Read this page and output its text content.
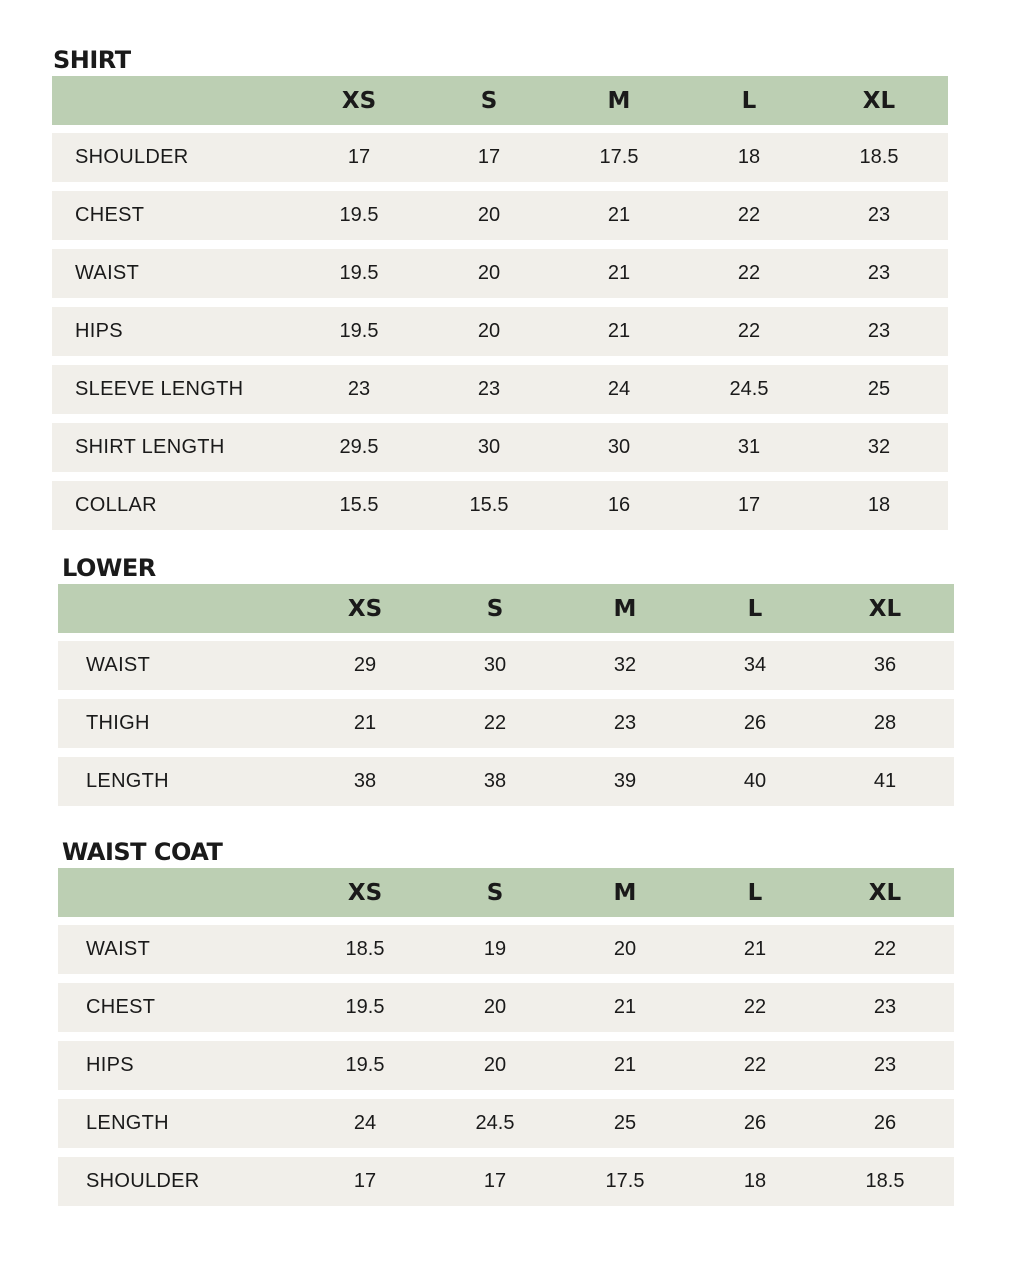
SHIRT
XS	S	M	L	XL
SHOULDER	17	17	17.5	18	18.5
CHEST	19.5	20	21	22	23
WAIST	19.5	20	21	22	23
HIPS	19.5	20	21	22	23
SLEEVE LENGTH	23	23	24	24.5	25
SHIRT LENGTH	29.5	30	30	31	32
COLLAR	15.5	15.5	16	17	18
LOWER
XS	S	M	L	XL
WAIST	29	30	32	34	36
THIGH	21	22	23	26	28
LENGTH	38	38	39	40	41
WAIST COAT
XS	S	M	L	XL
WAIST	18.5	19	20	21	22
CHEST	19.5	20	21	22	23
HIPS	19.5	20	21	22	23
LENGTH	24	24.5	25	26	26
SHOULDER	17	17	17.5	18	18.5
